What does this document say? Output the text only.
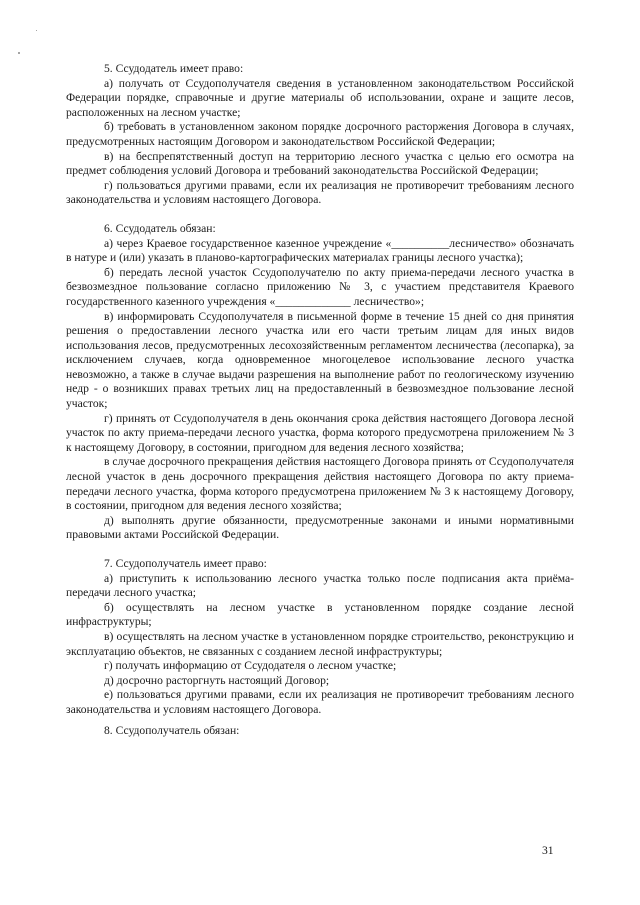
5. Ссудодатель имеет право:

а) получать от Ссудополучателя сведения в установленном законодательством Российской Федерации порядке, справочные и другие материалы об использовании, охране и защите лесов, расположенных на лесном участке;

б) требовать в установленном законом порядке досрочного расторжения Договора в случаях, предусмотренных настоящим Договором и законодательством Российской Федерации;

в) на беспрепятственный доступ на территорию лесного участка с целью его осмотра на предмет соблюдения условий Договора и требований законодательства Российской Федерации;

г) пользоваться другими правами, если их реализация не противоречит требованиям лесного законодательства и условиям настоящего Договора.

6. Ссудодатель обязан:

а) через Краевое государственное казенное учреждение «__________лесничество» обозначать в натуре и (или) указать в планово-картографических материалах границы лесного участка);

б) передать лесной участок Ссудополучателю по акту приема-передачи лесного участка в безвозмездное пользование согласно приложению № 3, с участием представителя Краевого государственного казенного учреждения «_____________ лесничество»;

в) информировать Ссудополучателя в письменной форме в течение 15 дней со дня принятия решения о предоставлении лесного участка или его части третьим лицам для иных видов использования лесов, предусмотренных лесохозяйственным регламентом лесничества (лесопарка), за исключением случаев, когда одновременное многоцелевое использование лесного участка невозможно, а также в случае выдачи разрешения на выполнение работ по геологическому изучению недр - о возникших правах третьих лиц на предоставленный в безвозмездное пользование лесной участок;

г) принять от Ссудополучателя в день окончания срока действия настоящего Договора лесной участок по акту приема-передачи лесного участка, форма которого предусмотрена приложением № 3 к настоящему Договору, в состоянии, пригодном для ведения лесного хозяйства;

в случае досрочного прекращения действия настоящего Договора принять от Ссудополучателя лесной участок в день досрочного прекращения действия настоящего Договора по акту приема-передачи лесного участка, форма которого предусмотрена приложением № 3 к настоящему Договору, в состоянии, пригодном для ведения лесного хозяйства;

д) выполнять другие обязанности, предусмотренные законами и иными нормативными правовыми актами Российской Федерации.

7. Ссудополучатель имеет право:

а) приступить к использованию лесного участка только после подписания акта приёма-передачи лесного участка;

б) осуществлять на лесном участке в установленном порядке создание лесной инфраструктуры;

в) осуществлять на лесном участке в установленном порядке строительство, реконструкцию и эксплуатацию объектов, не связанных с созданием лесной инфраструктуры;

г) получать информацию от Ссудодателя о лесном участке;

д) досрочно расторгнуть настоящий Договор;

е) пользоваться другими правами, если их реализация не противоречит требованиям лесного законодательства и условиям настоящего Договора.

8. Ссудополучатель обязан:

31
